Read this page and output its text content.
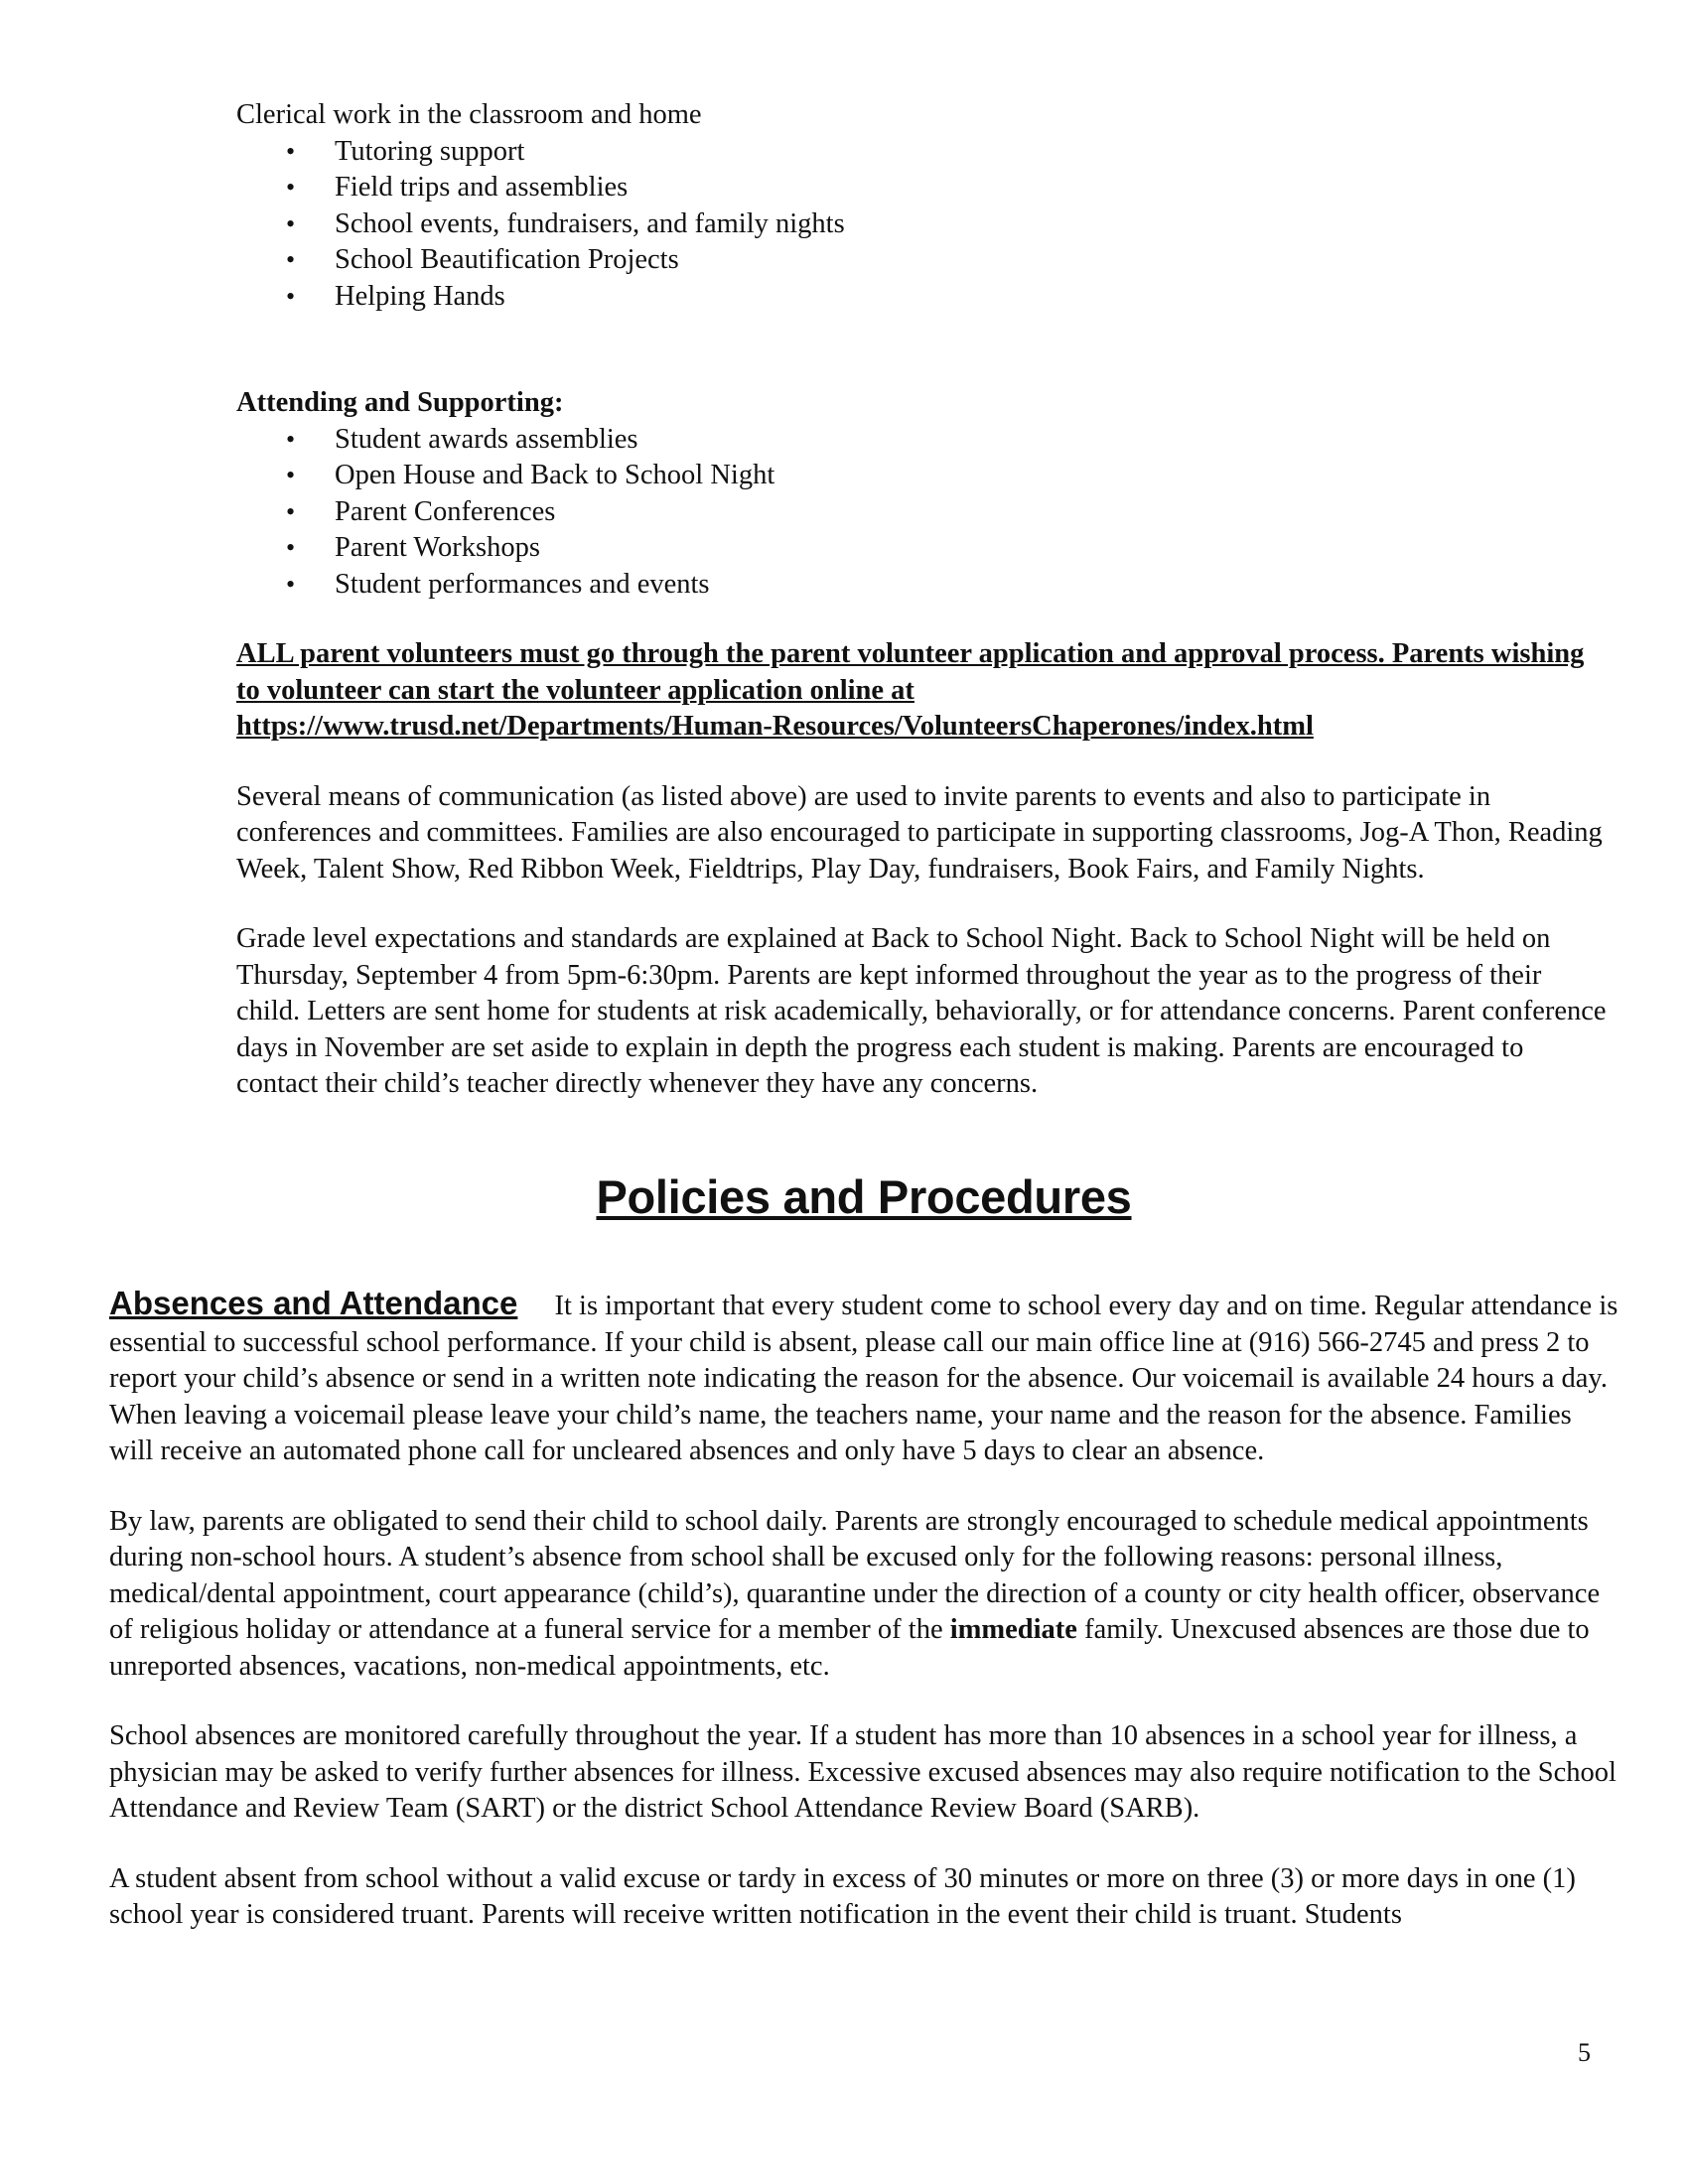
Clerical work in the classroom and home

• Tutoring support
• Field trips and assemblies
• School events, fundraisers, and family nights
• School Beautification Projects
• Helping Hands

Attending and Supporting:

• Student awards assemblies
• Open House and Back to School Night
• Parent Conferences
• Parent Workshops
• Student performances and events

ALL parent volunteers must go through the parent volunteer application and approval process. Parents wishing to volunteer can start the volunteer application online at
https://www.trusd.net/Departments/Human-Resources/VolunteersChaperones/index.html

Several means of communication (as listed above) are used to invite parents to events and also to participate in conferences and committees. Families are also encouraged to participate in supporting classrooms, Jog-A Thon, Reading Week, Talent Show, Red Ribbon Week, Fieldtrips, Play Day, fundraisers, Book Fairs, and Family Nights.

Grade level expectations and standards are explained at Back to School Night. Back to School Night will be held on Thursday, September 4 from 5pm-6:30pm. Parents are kept informed throughout the year as to the progress of their child. Letters are sent home for students at risk academically, behaviorally, or for attendance concerns. Parent conference days in November are set aside to explain in depth the progress each student is making. Parents are encouraged to contact their child’s teacher directly whenever they have any concerns.

Policies and Procedures

Absences and Attendance It is important that every student come to school every day and on time. Regular attendance is essential to successful school performance. If your child is absent, please call our main office line at (916) 566-2745 and press 2 to report your child’s absence or send in a written note indicating the reason for the absence. Our voicemail is available 24 hours a day. When leaving a voicemail please leave your child’s name, the teachers name, your name and the reason for the absence. Families will receive an automated phone call for uncleared absences and only have 5 days to clear an absence.

By law, parents are obligated to send their child to school daily. Parents are strongly encouraged to schedule medical appointments during non-school hours. A student’s absence from school shall be excused only for the following reasons: personal illness, medical/dental appointment, court appearance (child’s), quarantine under the direction of a county or city health officer, observance of religious holiday or attendance at a funeral service for a member of the immediate family. Unexcused absences are those due to unreported absences, vacations, non-medical appointments, etc.

School absences are monitored carefully throughout the year. If a student has more than 10 absences in a school year for illness, a physician may be asked to verify further absences for illness. Excessive excused absences may also require notification to the School Attendance and Review Team (SART) or the district School Attendance Review Board (SARB).

A student absent from school without a valid excuse or tardy in excess of 30 minutes or more on three (3) or more days in one (1) school year is considered truant. Parents will receive written notification in the event their child is truant. Students

5
